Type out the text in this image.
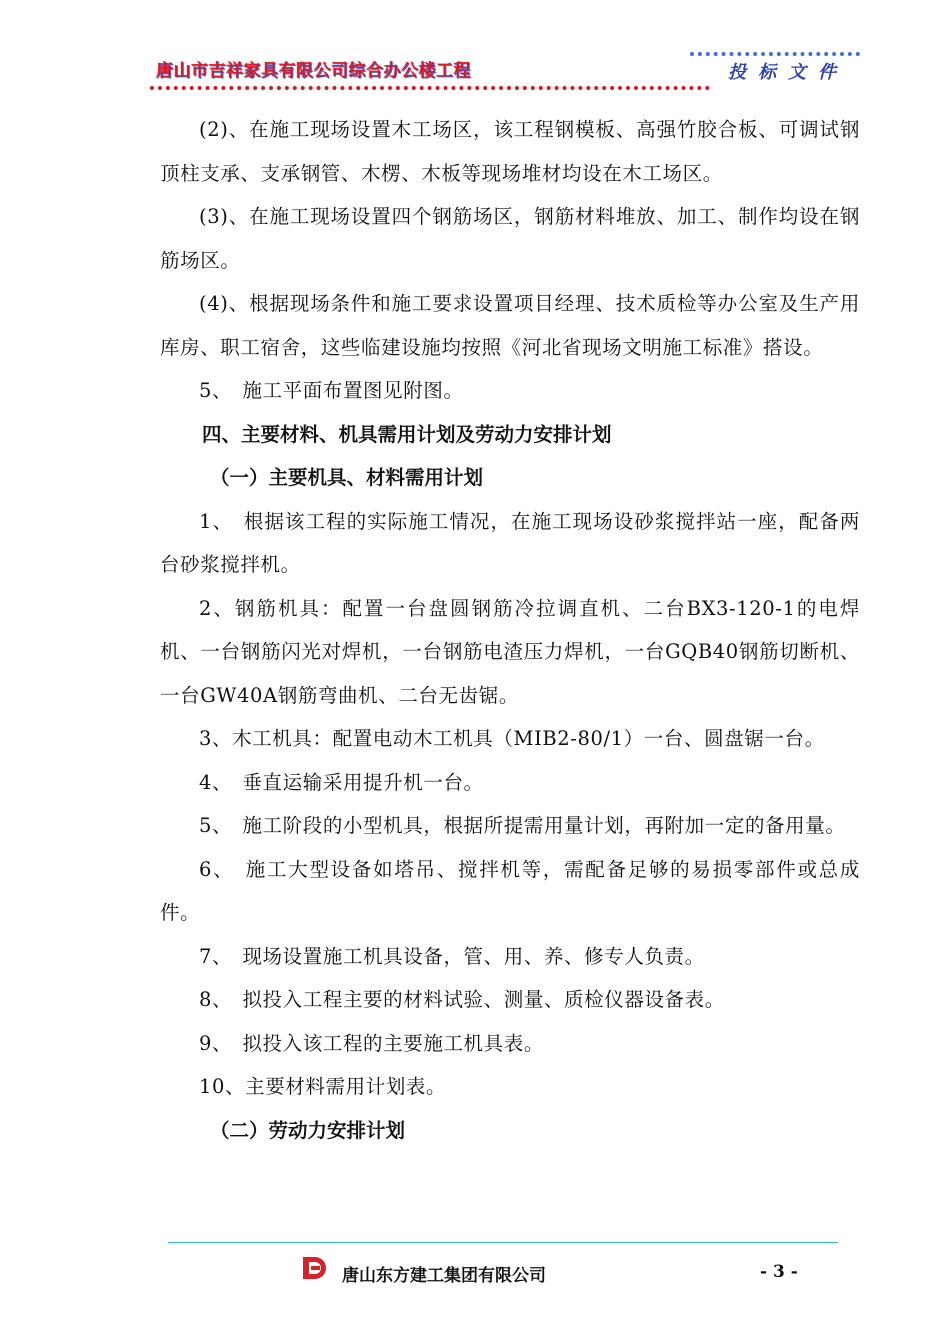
唐山市吉祥家具有限公司综合办公楼工程	投标文件

(2)、在施工现场设置木工场区，该工程钢模板、高强竹胶合板、可调试钢顶柱支承、支承钢管、木楞、木板等现场堆材均设在木工场区。

(3)、在施工现场设置四个钢筋场区，钢筋材料堆放、加工、制作均设在钢筋场区。

(4)、根据现场条件和施工要求设置项目经理、技术质检等办公室及生产用库房、职工宿舍，这些临建设施均按照《河北省现场文明施工标准》搭设。

5、　施工平面布置图见附图。

四、主要材料、机具需用计划及劳动力安排计划

（一）主要机具、材料需用计划

1、　根据该工程的实际施工情况，在施工现场设砂浆搅拌站一座，配备两台砂浆搅拌机。

2、钢筋机具：配置一台盘圆钢筋冷拉调直机、二台BX3-120-1的电焊机、一台钢筋闪光对焊机，一台钢筋电渣压力焊机，一台GQB40钢筋切断机、一台GW40A钢筋弯曲机、二台无齿锯。

3、木工机具：配置电动木工机具（MIB2-80/1）一台、圆盘锯一台。

4、　垂直运输采用提升机一台。

5、　施工阶段的小型机具，根据所提需用量计划，再附加一定的备用量。

6、　施工大型设备如塔吊、搅拌机等，需配备足够的易损零部件或总成件。

7、　现场设置施工机具设备，管、用、养、修专人负责。

8、　拟投入工程主要的材料试验、测量、质检仪器设备表。

9、　拟投入该工程的主要施工机具表。

10、主要材料需用计划表。

（二）劳动力安排计划

唐山东方建工集团有限公司	- 3 -
